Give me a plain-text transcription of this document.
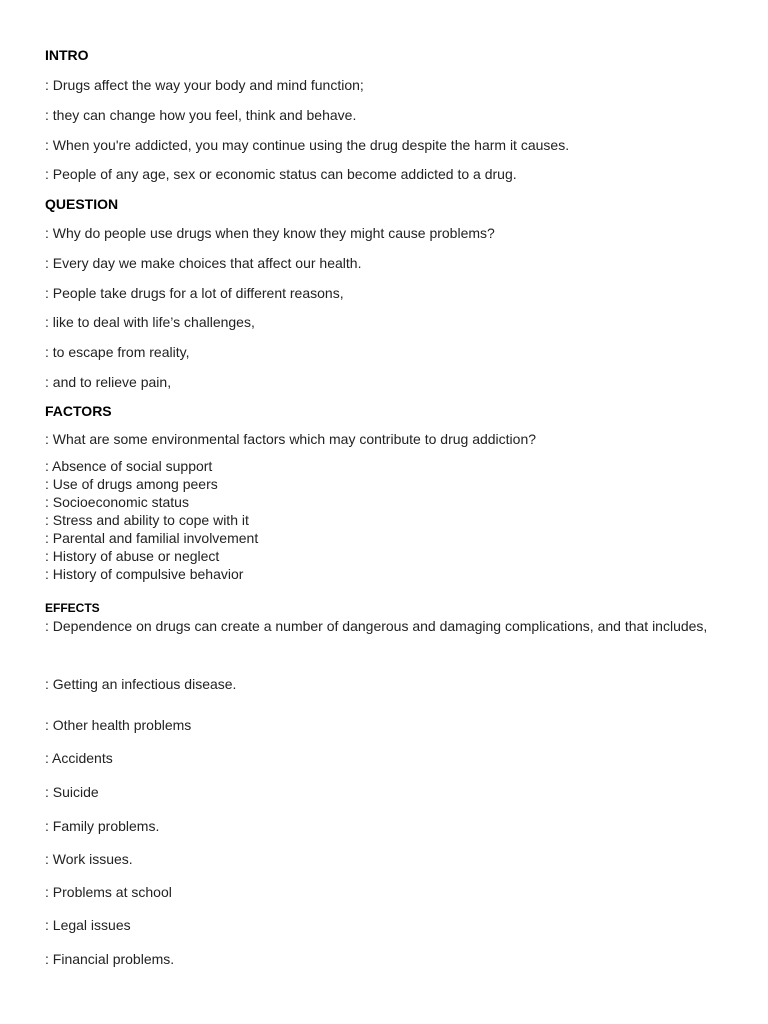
INTRO

: Drugs affect the way your body and mind function;

: they can change how you feel, think and behave.

: When you're addicted, you may continue using the drug despite the harm it causes.

: People of any age, sex or economic status can become addicted to a drug.

QUESTION

: Why do people use drugs when they know they might cause problems?

: Every day we make choices that affect our health.

: People take drugs for a lot of different reasons,

: like to deal with life’s challenges,

: to escape from reality,

: and to relieve pain,

FACTORS

: What are some environmental factors which may contribute to drug addiction?

: Absence of social support
: Use of drugs among peers
: Socioeconomic status
: Stress and ability to cope with it
: Parental and familial involvement
: History of abuse or neglect
: History of compulsive behavior

EFFECTS

: Dependence on drugs can create a number of dangerous and damaging complications, and that includes,

: Getting an infectious disease.

: Other health problems

: Accidents

: Suicide

: Family problems.

: Work issues.

: Problems at school

: Legal issues

: Financial problems.
